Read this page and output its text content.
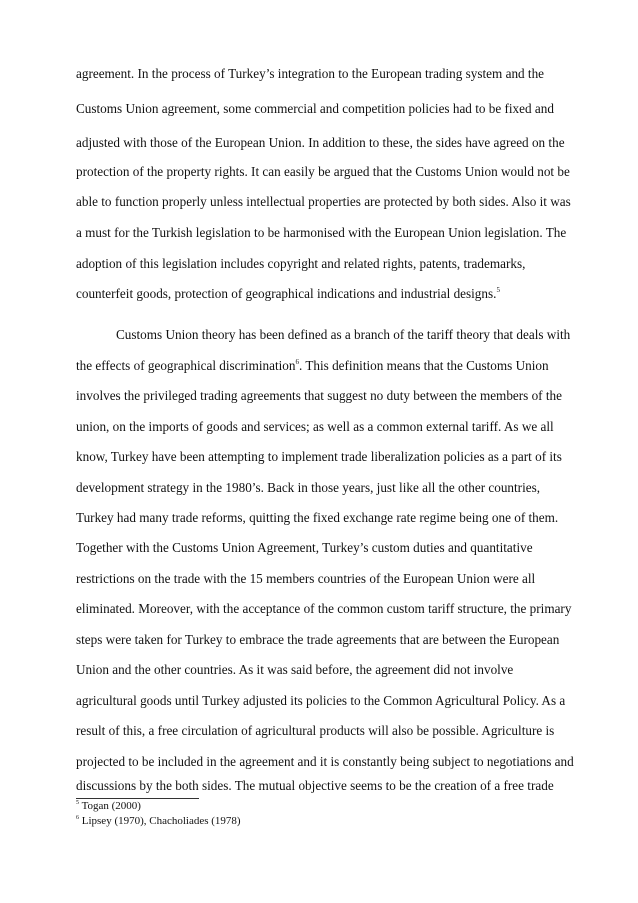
agreement. In the process of Turkey’s integration to the European trading system and the

Customs Union agreement, some commercial and competition policies had to be fixed and

adjusted with those of the European Union. In addition to these, the sides have agreed on the

protection of the property rights. It can easily be argued that the Customs Union would not be

able to function properly unless intellectual properties are protected by both sides. Also it was

a must for the Turkish legislation to be harmonised with the European Union legislation. The

adoption of this legislation includes copyright and related rights, patents, trademarks,

counterfeit goods, protection of geographical indications and industrial designs.$^5$

Customs Union theory has been defined as a branch of the tariff theory that deals with

the effects of geographical discrimination$^6$. This definition means that the Customs Union

involves the privileged trading agreements that suggest no duty between the members of the

union, on the imports of goods and services; as well as a common external tariff. As we all

know, Turkey have been attempting to implement trade liberalization policies as a part of its

development strategy in the 1980’s. Back in those years, just like all the other countries,

Turkey had many trade reforms, quitting the fixed exchange rate regime being one of them.

Together with the Customs Union Agreement, Turkey’s custom duties and quantitative

restrictions on the trade with the 15 members countries of the European Union were all

eliminated. Moreover, with the acceptance of the common custom tariff structure, the primary

steps were taken for Turkey to embrace the trade agreements that are between the European

Union and the other countries. As it was said before, the agreement did not involve

agricultural goods until Turkey adjusted its policies to the Common Agricultural Policy. As a

result of this, a free circulation of agricultural products will also be possible. Agriculture is

projected to be included in the agreement and it is constantly being subject to negotiations and

discussions by the both sides. The mutual objective seems to be the creation of a free trade

$^5$ Togan (2000)

$^6$ Lipsey (1970), Chacholiades (1978)
